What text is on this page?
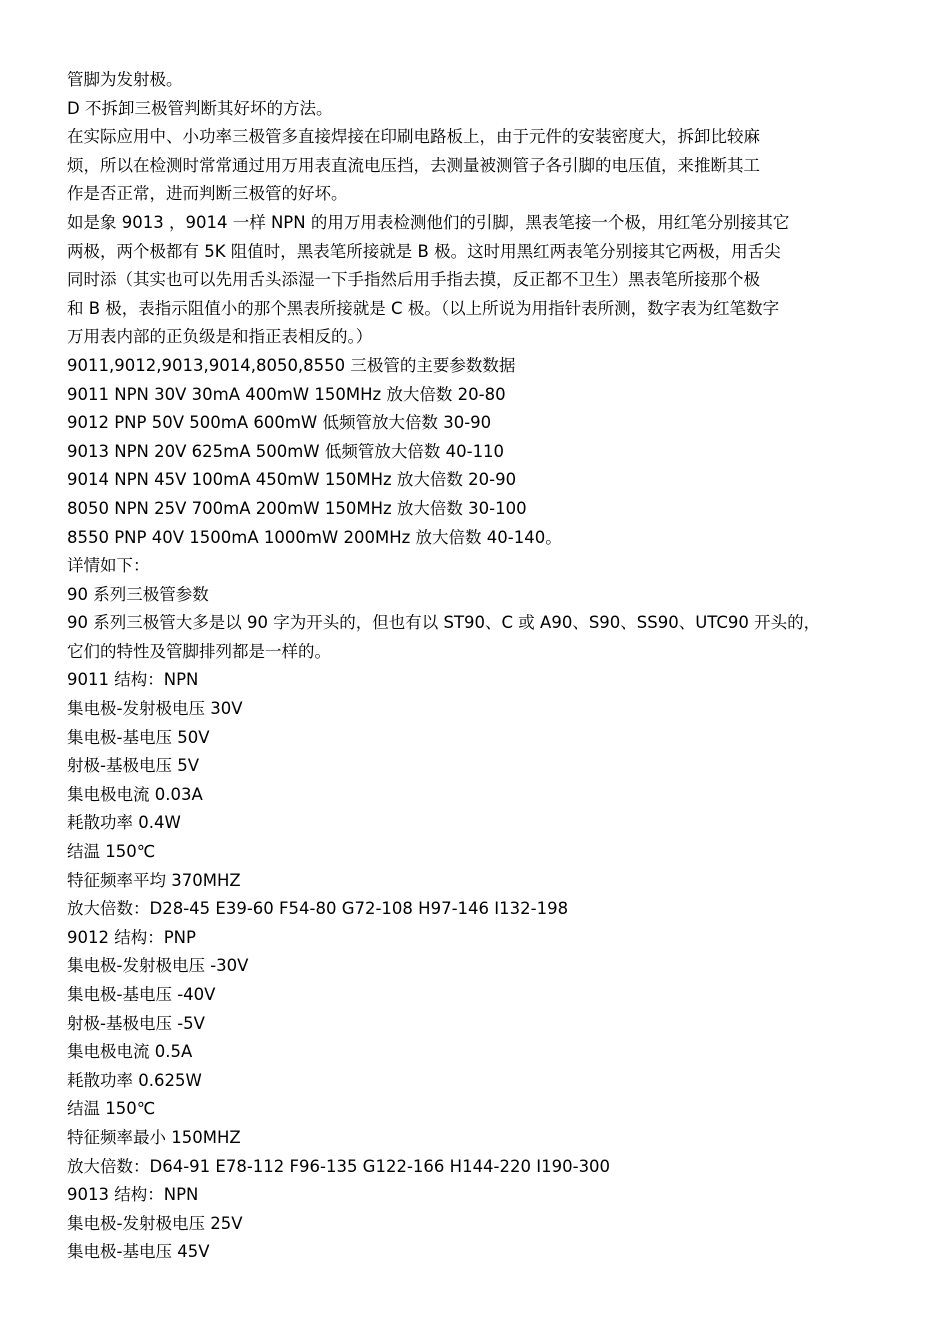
管脚为发射极。
D 不拆卸三极管判断其好坏的方法。
在实际应用中、小功率三极管多直接焊接在印刷电路板上，由于元件的安装密度大，拆卸比较麻
烦，所以在检测时常常通过用万用表直流电压挡，去测量被测管子各引脚的电压值，来推断其工
作是否正常，进而判断三极管的好坏。
如是象 9013 ，9014 一样 NPN 的用万用表检测他们的引脚，黑表笔接一个极，用红笔分别接其它
两极，两个极都有 5K 阻值时，黑表笔所接就是 B 极。这时用黑红两表笔分别接其它两极，用舌尖
同时添（其实也可以先用舌头添湿一下手指然后用手指去摸，反正都不卫生）黑表笔所接那个极
和 B 极，表指示阻值小的那个黑表所接就是 C 极。（以上所说为用指针表所测，数字表为红笔数字
万用表内部的正负级是和指正表相反的。）
9011,9012,9013,9014,8050,8550 三极管的主要参数数据
9011 NPN 30V 30mA 400mW 150MHz 放大倍数 20-80
9012 PNP 50V 500mA 600mW 低频管放大倍数 30-90
9013 NPN 20V 625mA 500mW 低频管放大倍数 40-110
9014 NPN 45V 100mA 450mW 150MHz 放大倍数 20-90
8050 NPN 25V 700mA 200mW 150MHz 放大倍数 30-100
8550 PNP 40V 1500mA 1000mW 200MHz 放大倍数 40-140。
详情如下：
90 系列三极管参数
90 系列三极管大多是以 90 字为开头的，但也有以 ST90、C 或 A90、S90、SS90、UTC90 开头的，
它们的特性及管脚排列都是一样的。
9011 结构：NPN
集电极-发射极电压 30V
集电极-基电压 50V
射极-基极电压 5V
集电极电流 0.03A
耗散功率 0.4W
结温 150℃
特征频率平均 370MHZ
放大倍数：D28-45 E39-60 F54-80 G72-108 H97-146 I132-198
9012 结构：PNP
集电极-发射极电压 -30V
集电极-基电压 -40V
射极-基极电压 -5V
集电极电流 0.5A
耗散功率 0.625W
结温 150℃
特征频率最小 150MHZ
放大倍数：D64-91 E78-112 F96-135 G122-166 H144-220 I190-300
9013 结构：NPN
集电极-发射极电压 25V
集电极-基电压 45V
